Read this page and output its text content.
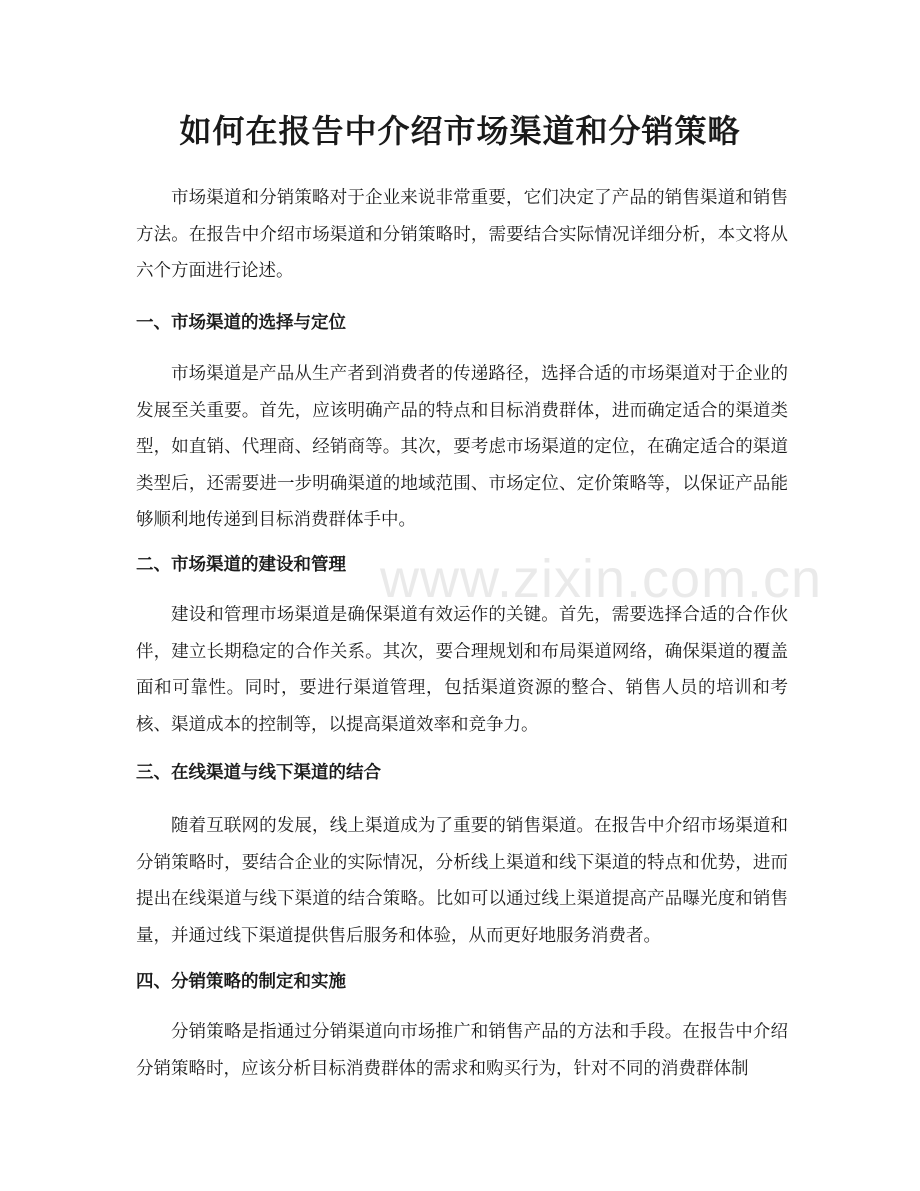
如何在报告中介绍市场渠道和分销策略

市场渠道和分销策略对于企业来说非常重要，它们决定了产品的销售渠道和销售方法。在报告中介绍市场渠道和分销策略时，需要结合实际情况详细分析，本文将从六个方面进行论述。

一、市场渠道的选择与定位

市场渠道是产品从生产者到消费者的传递路径，选择合适的市场渠道对于企业的发展至关重要。首先，应该明确产品的特点和目标消费群体，进而确定适合的渠道类型，如直销、代理商、经销商等。其次，要考虑市场渠道的定位，在确定适合的渠道类型后，还需要进一步明确渠道的地域范围、市场定位、定价策略等，以保证产品能够顺利地传递到目标消费群体手中。

二、市场渠道的建设和管理

建设和管理市场渠道是确保渠道有效运作的关键。首先，需要选择合适的合作伙伴，建立长期稳定的合作关系。其次，要合理规划和布局渠道网络，确保渠道的覆盖面和可靠性。同时，要进行渠道管理，包括渠道资源的整合、销售人员的培训和考核、渠道成本的控制等，以提高渠道效率和竞争力。

三、在线渠道与线下渠道的结合

随着互联网的发展，线上渠道成为了重要的销售渠道。在报告中介绍市场渠道和分销策略时，要结合企业的实际情况，分析线上渠道和线下渠道的特点和优势，进而提出在线渠道与线下渠道的结合策略。比如可以通过线上渠道提高产品曝光度和销售量，并通过线下渠道提供售后服务和体验，从而更好地服务消费者。

四、分销策略的制定和实施

分销策略是指通过分销渠道向市场推广和销售产品的方法和手段。在报告中介绍分销策略时，应该分析目标消费群体的需求和购买行为，针对不同的消费群体制

www.zixin.com.cn
